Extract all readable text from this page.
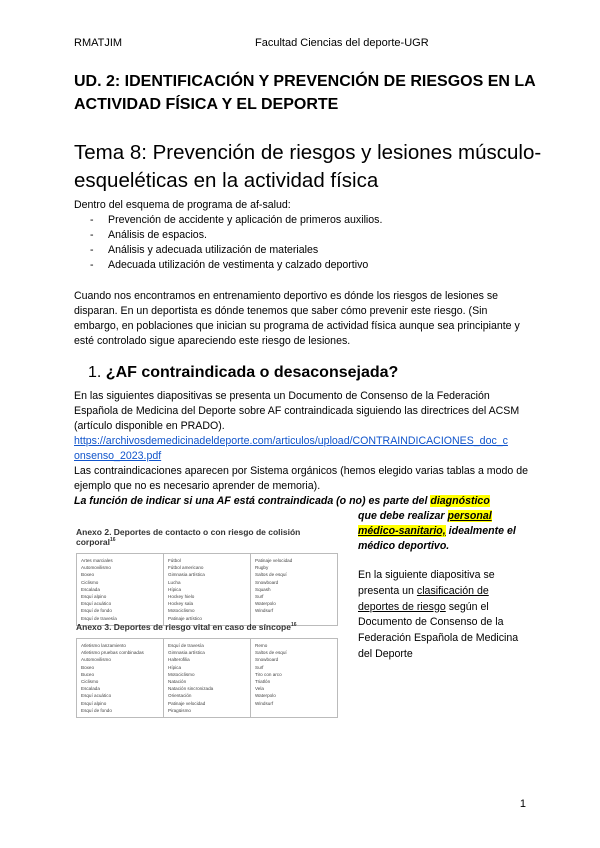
RMATJIM	Facultad Ciencias del deporte-UGR
UD. 2: IDENTIFICACIÓN Y PREVENCIÓN DE RIESGOS EN LA ACTIVIDAD FÍSICA Y EL DEPORTE
Tema 8: Prevención de riesgos y lesiones músculo-esqueléticas en la actividad física
Dentro del esquema de programa de af-salud:
- Prevención de accidente y aplicación de primeros auxilios.
- Análisis de espacios.
- Análisis y adecuada utilización de materiales
- Adecuada utilización de vestimenta y calzado deportivo
Cuando nos encontramos en entrenamiento deportivo es dónde los riesgos de lesiones se disparan. En un deportista es dónde tenemos que saber cómo prevenir este riesgo. (Sin embargo, en poblaciones que inician su programa de actividad física aunque sea principiante y esté controlado sigue apareciendo este riesgo de lesiones.
1. ¿AF contraindicada o desaconsejada?
En las siguientes diapositivas se presenta un Documento de Consenso de la Federación Española de Medicina del Deporte sobre AF contraindicada siguiendo las directrices del ACSM (artículo disponible en PRADO).
https://archivosdemedicinadeldeporte.com/articulos/upload/CONTRAINDICACIONES_doc_c
onsenso_2023.pdf
Las contraindicaciones aparecen por Sistema orgánicos (hemos elegido varias tablas a modo de ejemplo que no es necesario aprender de memoria).
La función de indicar si una AF está contraindicada (o no) es parte del diagnóstico
que debe realizar personal
médico-sanitario, idealmente el
médico deportivo.
En la siguiente diapositiva se
presenta un clasificación de
deportes de riesgo según el
Documento de Consenso de la
Federación Española de Medicina
del Deporte
Anexo 2. Deportes de contacto o con riesgo de colisión corporal$^{16}$
Artes marciales
Automovilismo
Boxeo
Ciclismo
Escalada
Esquí alpino
Esquí acuático
Esquí de fondo
Esquí de travesía
Fútbol
Fútbol americano
Gimnasia artística
Lucha
Hípica
Hockey hielo
Hockey sala
Motociclismo
Patinaje artístico
Patinaje velocidad
Rugby
Saltos de esquí
Snowboard
Squash
Surf
Waterpolo
Windsurf
Anexo 3. Deportes de riesgo vital en caso de síncope$^{16}$
Atletismo lanzamiento
Atletismo pruebas combinadas
Automovilismo
Boxeo
Buceo
Ciclismo
Escalada
Esquí acuático
Esquí alpino
Esquí de fondo
Esquí de travesía
Gimnasia artística
Halterofilia
Hípica
Motociclismo
Natación
Natación sincronizada
Orientación
Patinaje velocidad
Piragüismo
Remo
Saltos de esquí
Snowboard
Surf
Tiro con arco
Triatlón
Vela
Waterpolo
Windsurf
1
